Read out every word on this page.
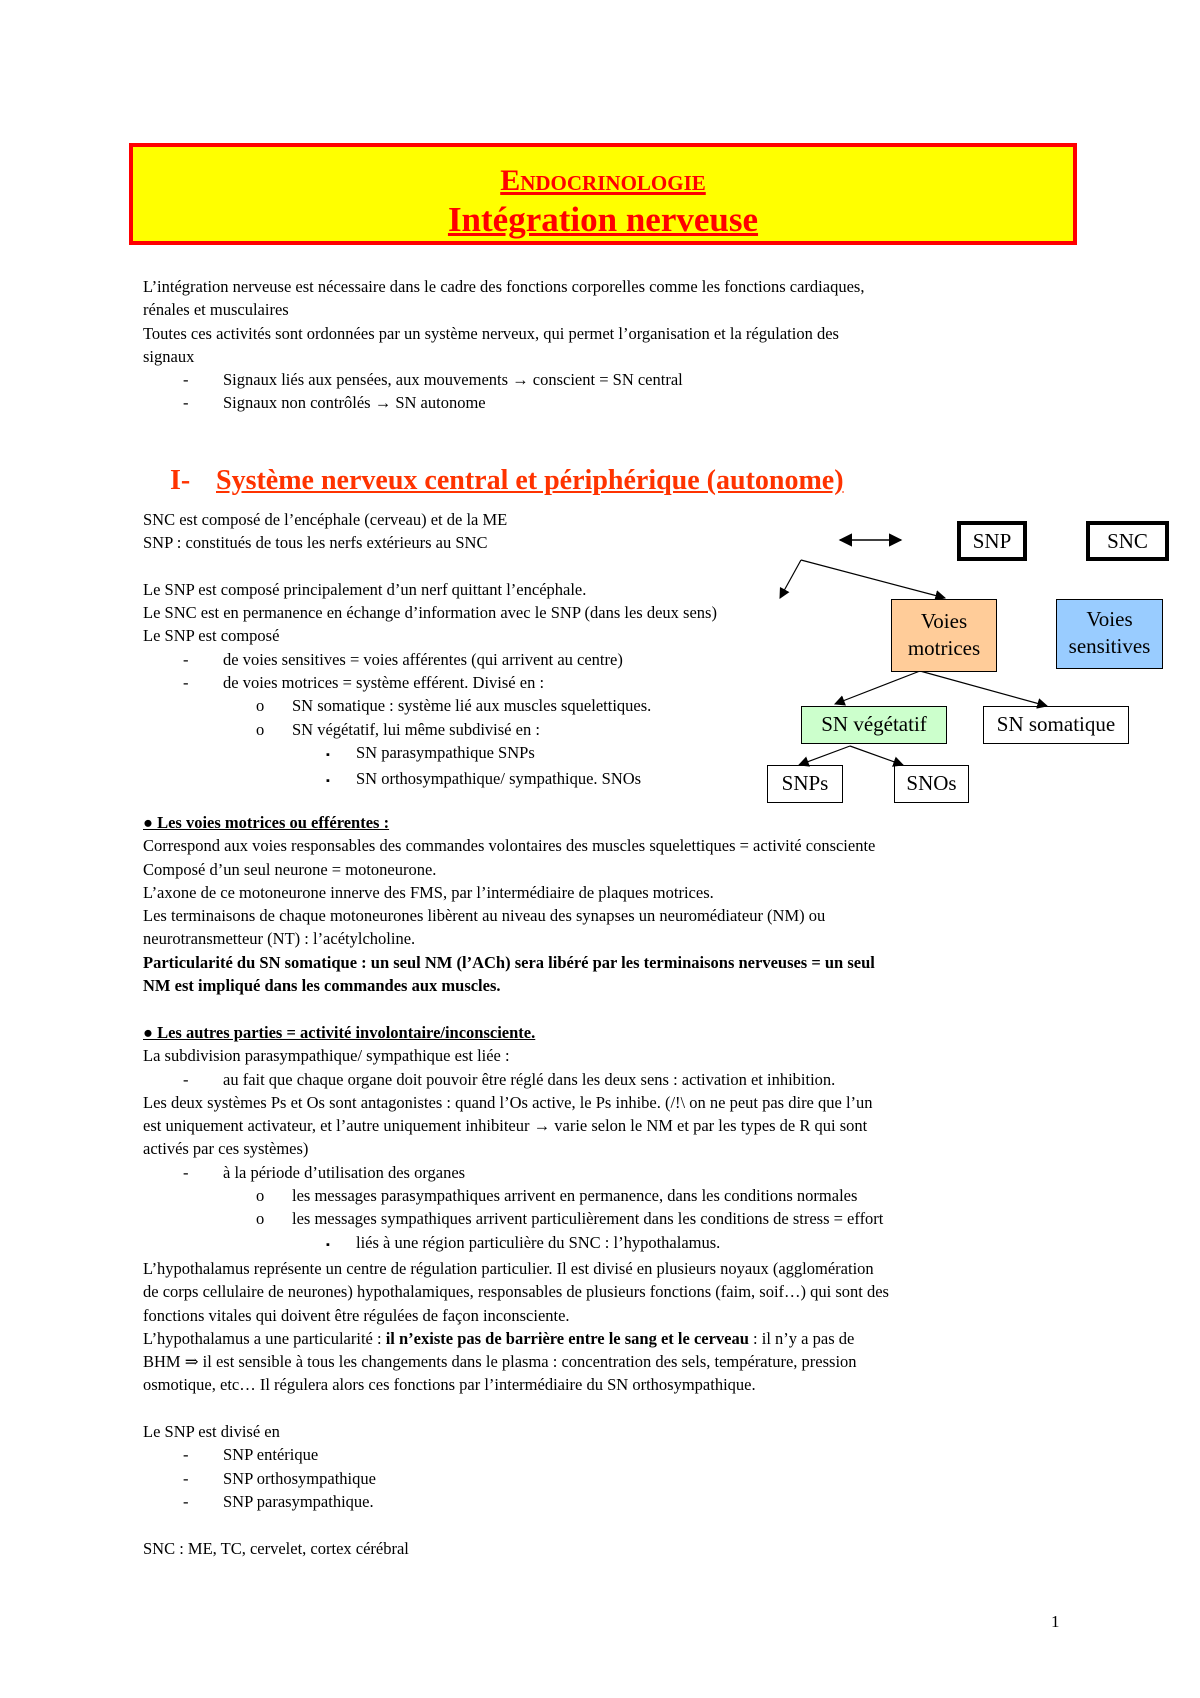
Endocrinologie
Intégration nerveuse
L’intégration nerveuse est nécessaire dans le cadre des fonctions corporelles comme les fonctions cardiaques,
rénales et musculaires
Toutes ces activités sont ordonnées par un système nerveux, qui permet l’organisation et la régulation des
signaux
- Signaux liés aux pensées, aux mouvements → conscient = SN central
- Signaux non contrôlés → SN autonome
I- Système nerveux central et périphérique (autonome)
SNC est composé de l’encéphale (cerveau) et de la ME
SNP : constitués de tous les nerfs extérieurs au SNC
Le SNP est composé principalement d’un nerf quittant l’encéphale.
Le SNC est en permanence en échange d’information avec le SNP (dans les deux sens)
Le SNP est composé
- de voies sensitives = voies afférentes (qui arrivent au centre)
- de voies motrices = système efférent. Divisé en :
o SN somatique : système lié aux muscles squelettiques.
o SN végétatif, lui même subdivisé en :
▪ SN parasympathique SNPs
▪ SN orthosympathique/ sympathique. SNOs
SNP	SNC
Voies
motrices
Voies
sensitives
SN végétatif	SN somatique
SNPs	SNOs
● Les voies motrices ou efférentes :
Correspond aux voies responsables des commandes volontaires des muscles squelettiques = activité consciente
Composé d’un seul neurone = motoneurone.
L’axone de ce motoneurone innerve des FMS, par l’intermédiaire de plaques motrices.
Les terminaisons de chaque motoneurones libèrent au niveau des synapses un neuromédiateur (NM) ou
neurotransmetteur (NT) : l’acétylcholine.
Particularité du SN somatique : un seul NM (l’ACh) sera libéré par les terminaisons nerveuses = un seul
NM est impliqué dans les commandes aux muscles.
● Les autres parties = activité involontaire/inconsciente.
La subdivision parasympathique/ sympathique est liée :
- au fait que chaque organe doit pouvoir être réglé dans les deux sens : activation et inhibition.
Les deux systèmes Ps et Os sont antagonistes : quand l’Os active, le Ps inhibe. (/!\ on ne peut pas dire que l’un
est uniquement activateur, et l’autre uniquement inhibiteur → varie selon le NM et par les types de R qui sont
activés par ces systèmes)
- à la période d’utilisation des organes
o les messages parasympathiques arrivent en permanence, dans les conditions normales
o les messages sympathiques arrivent particulièrement dans les conditions de stress = effort
▪ liés à une région particulière du SNC : l’hypothalamus.
L’hypothalamus représente un centre de régulation particulier. Il est divisé en plusieurs noyaux (agglomération
de corps cellulaire de neurones) hypothalamiques, responsables de plusieurs fonctions (faim, soif…) qui sont des
fonctions vitales qui doivent être régulées de façon inconsciente.
L’hypothalamus a une particularité : il n’existe pas de barrière entre le sang et le cerveau : il n’y a pas de
BHM ⇒ il est sensible à tous les changements dans le plasma : concentration des sels, température, pression
osmotique, etc… Il régulera alors ces fonctions par l’intermédiaire du SN orthosympathique.
Le SNP est divisé en
- SNP entérique
- SNP orthosympathique
- SNP parasympathique.
SNC : ME, TC, cervelet, cortex cérébral
1
